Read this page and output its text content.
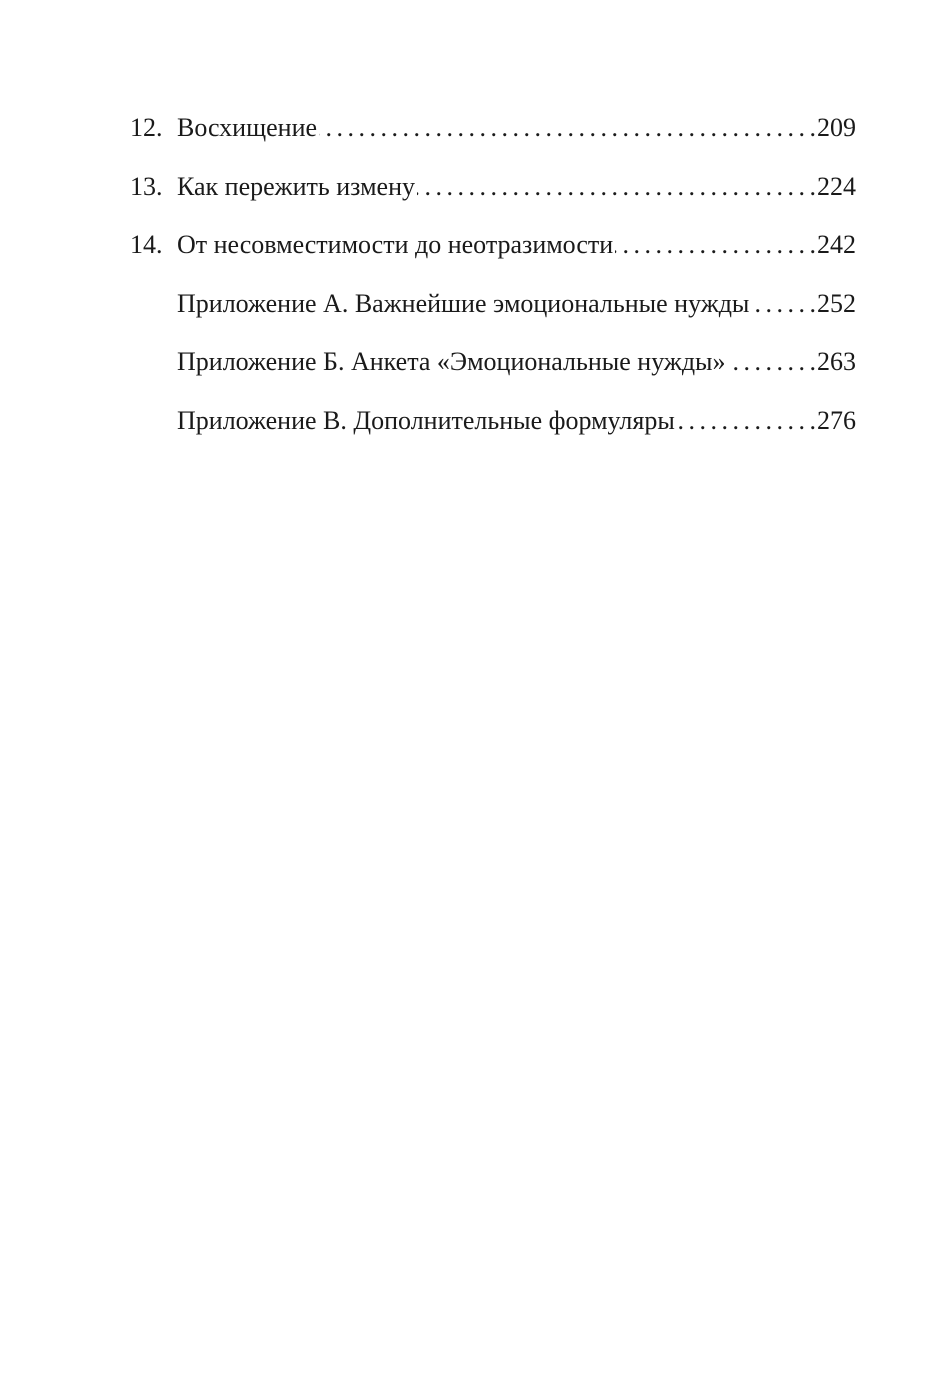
12. Восхищение . . .	209
13. Как пережить измену . . .	224
14. От несовместимости до неотразимости . . .	242
Приложение А. Важнейшие эмоциональные нужды . . .	252
Приложение Б. Анкета «Эмоциональные нужды» . . .	263
Приложение В. Дополнительные формуляры . . .	276
